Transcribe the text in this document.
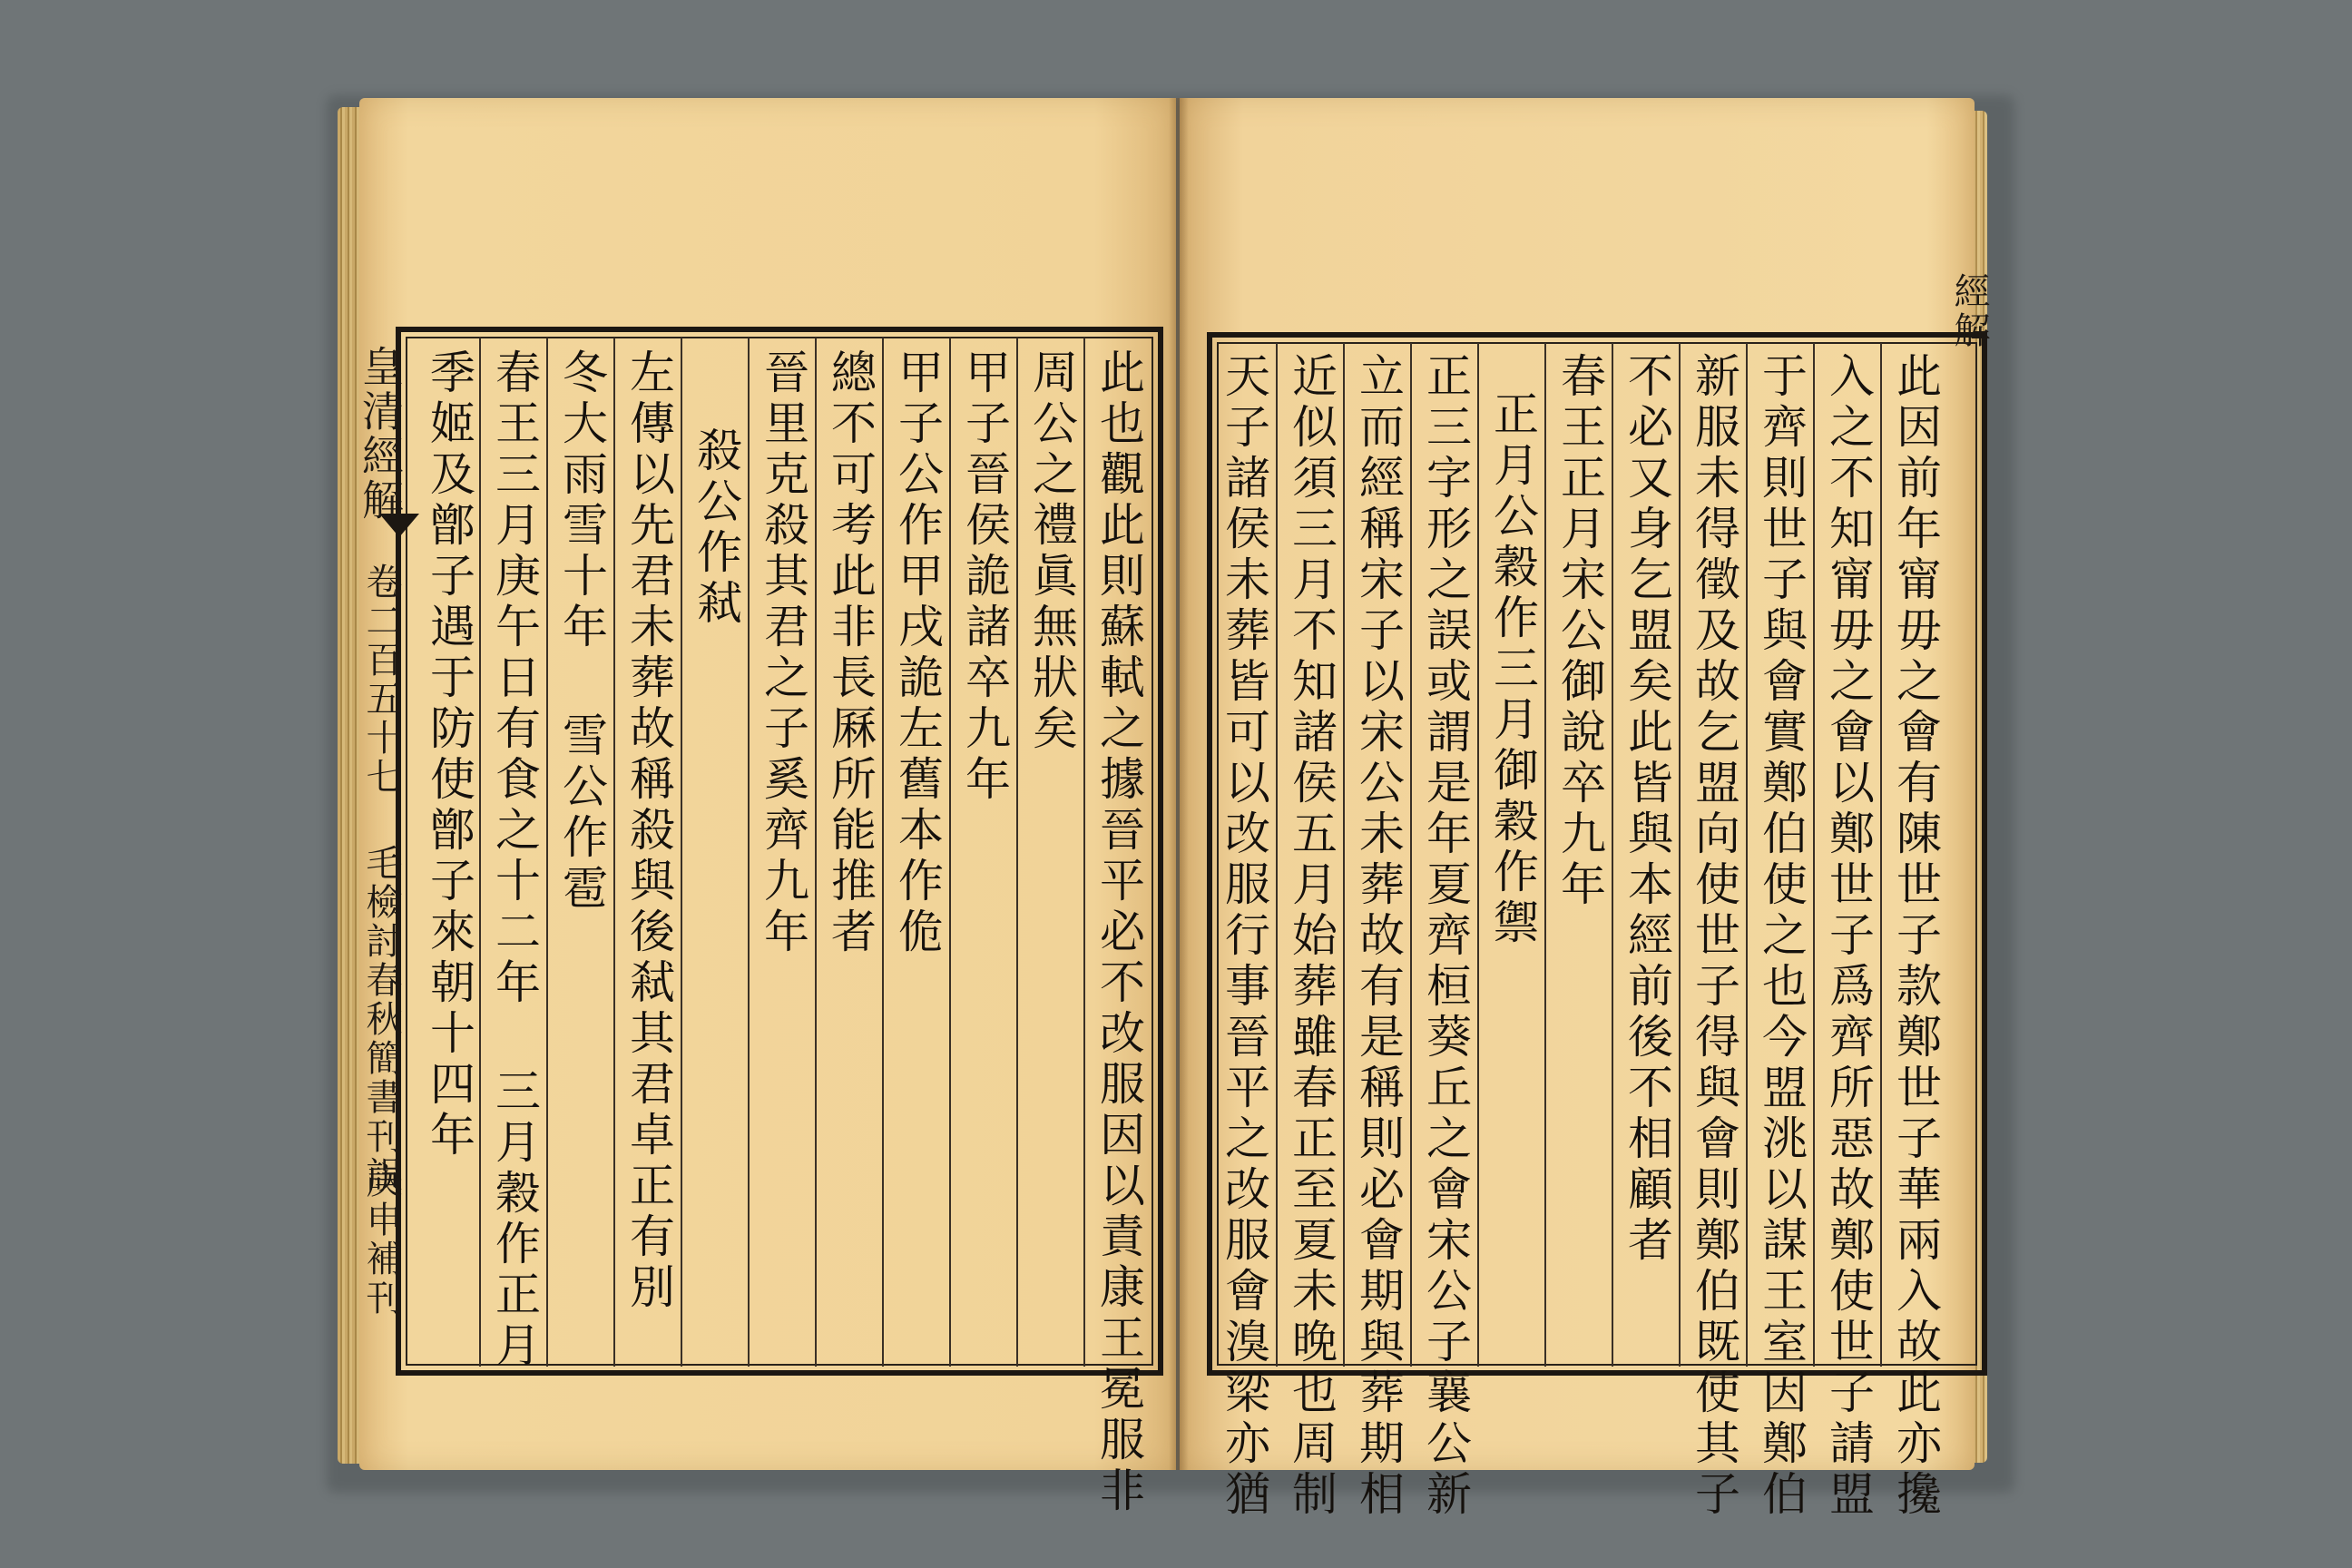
此也觀此則蘇軾之據晉平必不改服因以責康王冕服非
周公之禮眞無狀矣
甲子晉侯詭諸卒九年
甲子公作甲戌詭左舊本作佹
總不可考此非長厤所能推者
晉里克殺其君之子奚齊九年
殺公作弒
左傳以先君未葬故稱殺與後弒其君卓正有別
冬大雨雪十年 雪公作雹
春王三月庚午日有食之十二年 三月穀作正月
季姬及鄫子遇于防使鄫子來朝十四年
皇清經解
卷二百五十七
毛檢討春秋簡書刊誤
庚申補刊	此因前年甯毋之會有陳世子款鄭世子華兩入故此亦攙
入之不知甯毋之會以鄭世子爲齊所惡故鄭使世子請盟
于齊則世子與會實鄭伯使之也今盟洮以謀王室因鄭伯
新服未得徵及故乞盟向使世子得與會則鄭伯既使其子
不必又身乞盟矣此皆與本經前後不相顧者
春王正月宋公御說卒九年
正月公穀作三月御穀作禦
正三字形之誤或謂是年夏齊桓葵丘之會宋公子襄公新
立而經稱宋子以宋公未葬故有是稱則必會期與葬期相
近似須三月不知諸侯五月始葬雖春正至夏未晚也周制
天子諸侯未葬皆可以改服行事晉平之改服會溴梁亦猶
經解
